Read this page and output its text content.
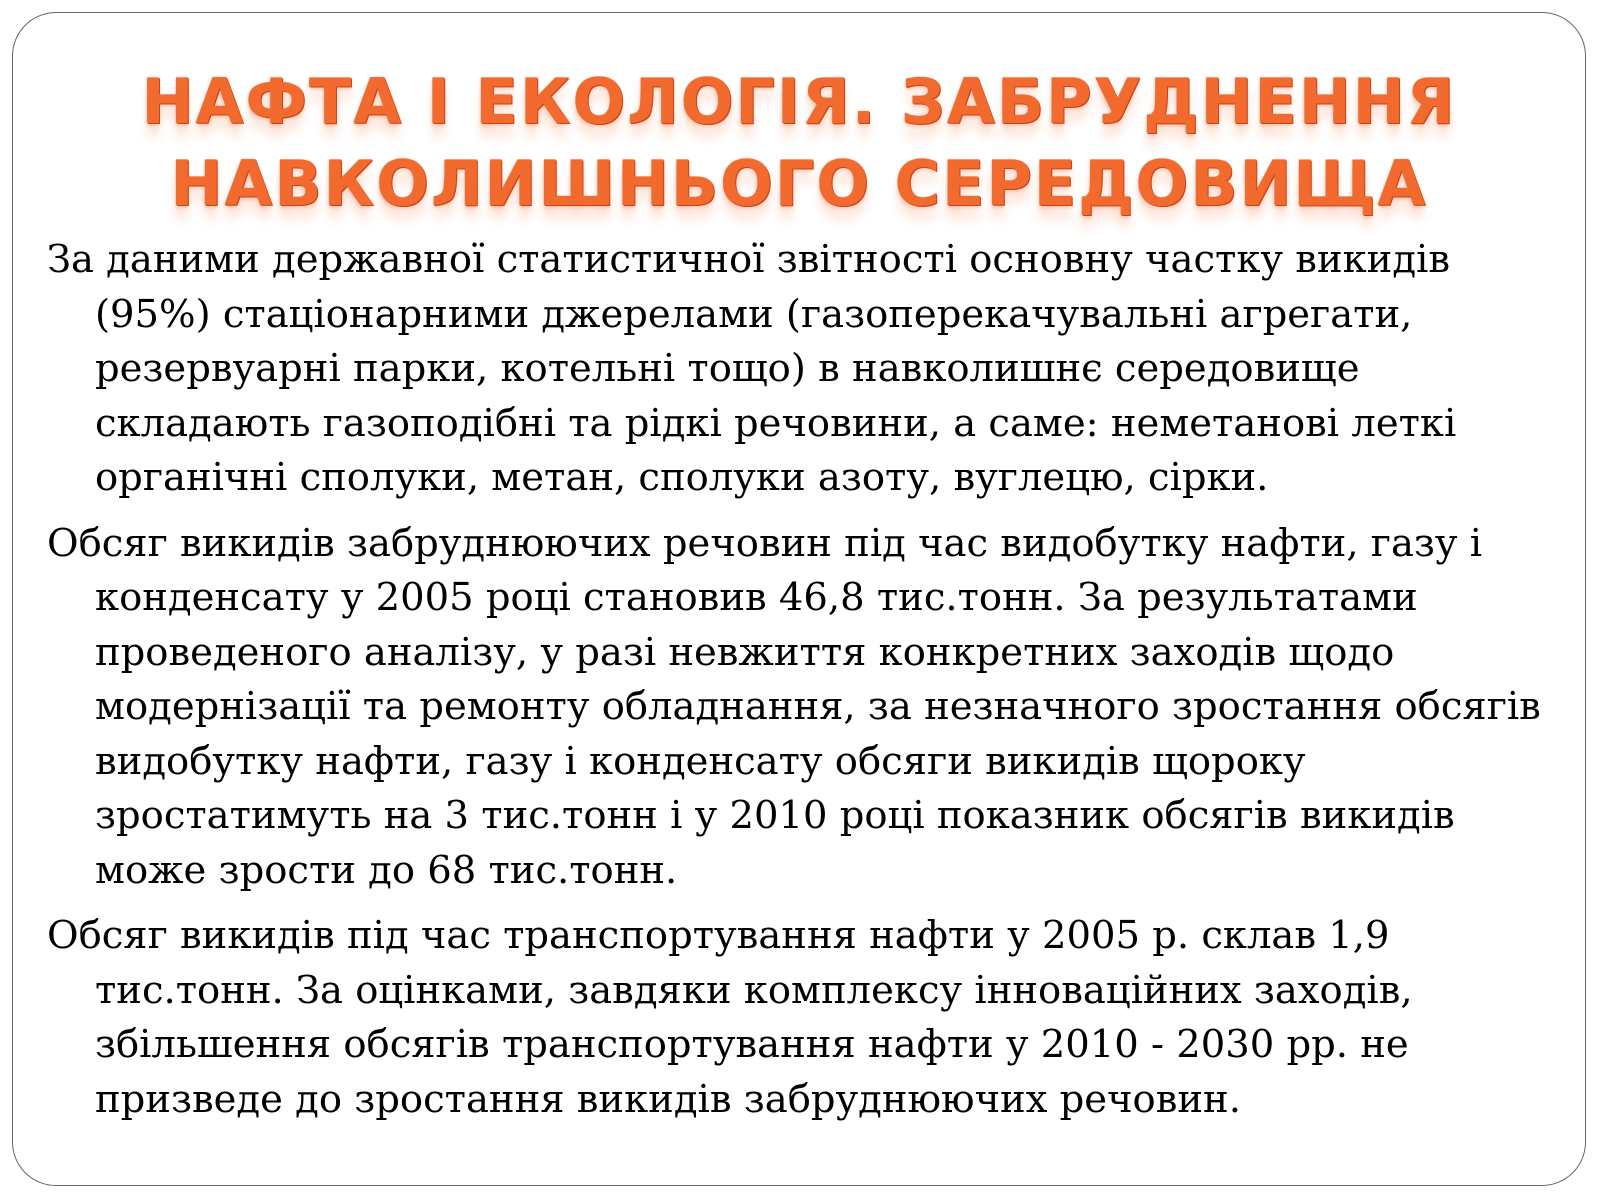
НАФТА І ЕКОЛОГІЯ. ЗАБРУДНЕННЯ
НАВКОЛИШНЬОГО СЕРЕДОВИЩА

За даними державної статистичної звітності основну частку викидів (95%) стаціонарними джерелами (газоперекачувальні агрегати, резервуарні парки, котельні тощо) в навколишнє середовище складають газоподібні та рідкі речовини, а саме: неметанові леткі органічні сполуки, метан, сполуки азоту, вуглецю, сірки.

Обсяг викидів забруднюючих речовин під час видобутку нафти, газу і конденсату у 2005 році становив 46,8 тис.тонн. За результатами проведеного аналізу, у разі невжиття конкретних заходів щодо модернізації та ремонту обладнання, за незначного зростання обсягів видобутку нафти, газу і конденсату обсяги викидів щороку зростатимуть на 3 тис.тонн і у 2010 році показник обсягів викидів може зрости до 68 тис.тонн.

Обсяг викидів під час транспортування нафти у 2005 р. склав 1,9 тис.тонн. За оцінками, завдяки комплексу інноваційних заходів, збільшення обсягів транспортування нафти у 2010 - 2030 рр. не призведе до зростання викидів забруднюючих речовин.
